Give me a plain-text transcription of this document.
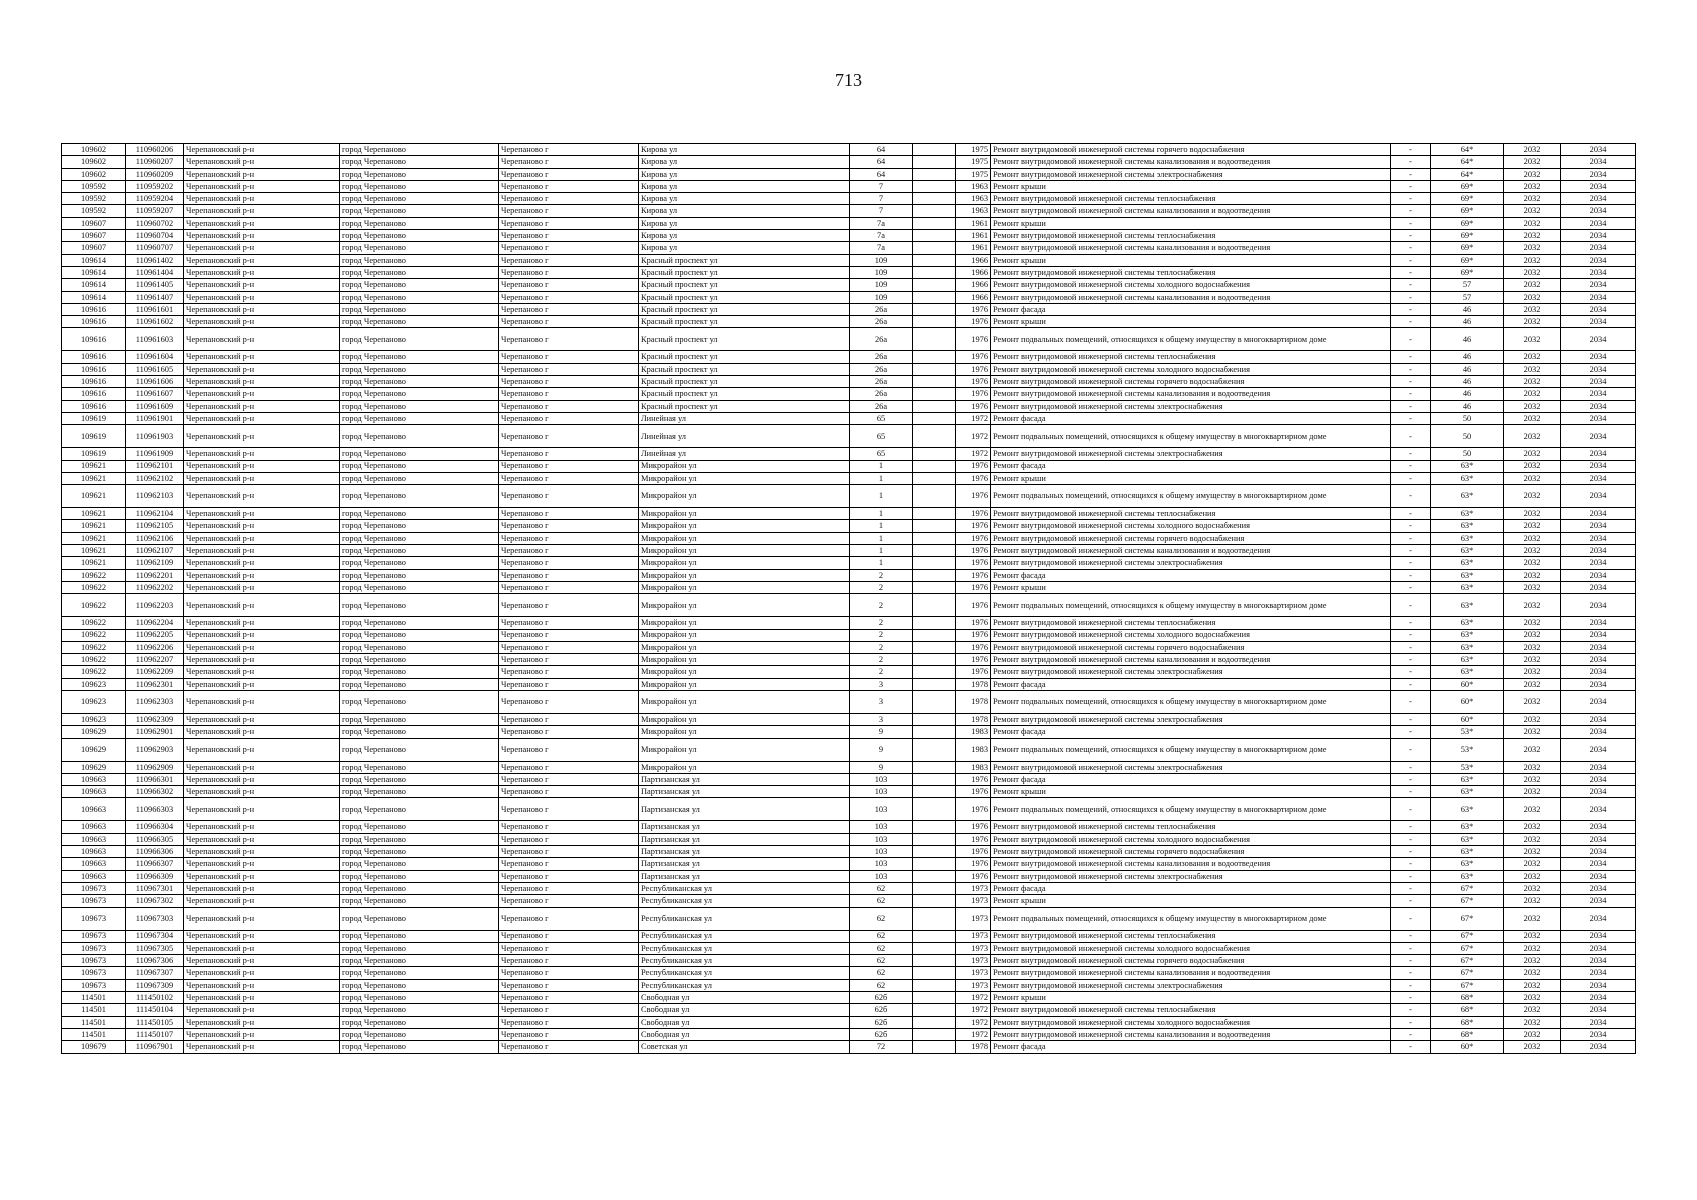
713
109602	110960206	Черепановский р-н	город Черепаново	Черепаново г	Кирова ул	64		1975	Ремонт внутридомовой инженерной системы горячего водоснабжения	-	64*	2032	2034
109602	110960207	Черепановский р-н	город Черепаново	Черепаново г	Кирова ул	64		1975	Ремонт внутридомовой инженерной системы канализования и водоотведения	-	64*	2032	2034
109602	110960209	Черепановский р-н	город Черепаново	Черепаново г	Кирова ул	64		1975	Ремонт внутридомовой инженерной системы электроснабжения	-	64*	2032	2034
109592	110959202	Черепановский р-н	город Черепаново	Черепаново г	Кирова ул	7		1963	Ремонт крыши	-	69*	2032	2034
109592	110959204	Черепановский р-н	город Черепаново	Черепаново г	Кирова ул	7		1963	Ремонт внутридомовой инженерной системы теплоснабжения	-	69*	2032	2034
109592	110959207	Черепановский р-н	город Черепаново	Черепаново г	Кирова ул	7		1963	Ремонт внутридомовой инженерной системы канализования и водоотведения	-	69*	2032	2034
109607	110960702	Черепановский р-н	город Черепаново	Черепаново г	Кирова ул	7а		1961	Ремонт крыши	-	69*	2032	2034
109607	110960704	Черепановский р-н	город Черепаново	Черепаново г	Кирова ул	7а		1961	Ремонт внутридомовой инженерной системы теплоснабжения	-	69*	2032	2034
109607	110960707	Черепановский р-н	город Черепаново	Черепаново г	Кирова ул	7а		1961	Ремонт внутридомовой инженерной системы канализования и водоотведения	-	69*	2032	2034
109614	110961402	Черепановский р-н	город Черепаново	Черепаново г	Красный проспект ул	109		1966	Ремонт крыши	-	69*	2032	2034
109614	110961404	Черепановский р-н	город Черепаново	Черепаново г	Красный проспект ул	109		1966	Ремонт внутридомовой инженерной системы теплоснабжения	-	69*	2032	2034
109614	110961405	Черепановский р-н	город Черепаново	Черепаново г	Красный проспект ул	109		1966	Ремонт внутридомовой инженерной системы холодного водоснабжения	-	57	2032	2034
109614	110961407	Черепановский р-н	город Черепаново	Черепаново г	Красный проспект ул	109		1966	Ремонт внутридомовой инженерной системы канализования и водоотведения	-	57	2032	2034
109616	110961601	Черепановский р-н	город Черепаново	Черепаново г	Красный проспект ул	26а		1976	Ремонт фасада	-	46	2032	2034
109616	110961602	Черепановский р-н	город Черепаново	Черепаново г	Красный проспект ул	26а		1976	Ремонт крыши	-	46	2032	2034
109616	110961603	Черепановский р-н	город Черепаново	Черепаново г	Красный проспект ул	26а		1976	Ремонт подвальных помещений, относящихся к общему имуществу в многоквартирном доме	-	46	2032	2034
109616	110961604	Черепановский р-н	город Черепаново	Черепаново г	Красный проспект ул	26а		1976	Ремонт внутридомовой инженерной системы теплоснабжения	-	46	2032	2034
109616	110961605	Черепановский р-н	город Черепаново	Черепаново г	Красный проспект ул	26а		1976	Ремонт внутридомовой инженерной системы холодного водоснабжения	-	46	2032	2034
109616	110961606	Черепановский р-н	город Черепаново	Черепаново г	Красный проспект ул	26а		1976	Ремонт внутридомовой инженерной системы горячего водоснабжения	-	46	2032	2034
109616	110961607	Черепановский р-н	город Черепаново	Черепаново г	Красный проспект ул	26а		1976	Ремонт внутридомовой инженерной системы канализования и водоотведения	-	46	2032	2034
109616	110961609	Черепановский р-н	город Черепаново	Черепаново г	Красный проспект ул	26а		1976	Ремонт внутридомовой инженерной системы электроснабжения	-	46	2032	2034
109619	110961901	Черепановский р-н	город Черепаново	Черепаново г	Линейная ул	65		1972	Ремонт фасада	-	50	2032	2034
109619	110961903	Черепановский р-н	город Черепаново	Черепаново г	Линейная ул	65		1972	Ремонт подвальных помещений, относящихся к общему имуществу в многоквартирном доме	-	50	2032	2034
109619	110961909	Черепановский р-н	город Черепаново	Черепаново г	Линейная ул	65		1972	Ремонт внутридомовой инженерной системы электроснабжения	-	50	2032	2034
109621	110962101	Черепановский р-н	город Черепаново	Черепаново г	Микрорайон ул	1		1976	Ремонт фасада	-	63*	2032	2034
109621	110962102	Черепановский р-н	город Черепаново	Черепаново г	Микрорайон ул	1		1976	Ремонт крыши	-	63*	2032	2034
109621	110962103	Черепановский р-н	город Черепаново	Черепаново г	Микрорайон ул	1		1976	Ремонт подвальных помещений, относящихся к общему имуществу в многоквартирном доме	-	63*	2032	2034
109621	110962104	Черепановский р-н	город Черепаново	Черепаново г	Микрорайон ул	1		1976	Ремонт внутридомовой инженерной системы теплоснабжения	-	63*	2032	2034
109621	110962105	Черепановский р-н	город Черепаново	Черепаново г	Микрорайон ул	1		1976	Ремонт внутридомовой инженерной системы холодного водоснабжения	-	63*	2032	2034
109621	110962106	Черепановский р-н	город Черепаново	Черепаново г	Микрорайон ул	1		1976	Ремонт внутридомовой инженерной системы горячего водоснабжения	-	63*	2032	2034
109621	110962107	Черепановский р-н	город Черепаново	Черепаново г	Микрорайон ул	1		1976	Ремонт внутридомовой инженерной системы канализования и водоотведения	-	63*	2032	2034
109621	110962109	Черепановский р-н	город Черепаново	Черепаново г	Микрорайон ул	1		1976	Ремонт внутридомовой инженерной системы электроснабжения	-	63*	2032	2034
109622	110962201	Черепановский р-н	город Черепаново	Черепаново г	Микрорайон ул	2		1976	Ремонт фасада	-	63*	2032	2034
109622	110962202	Черепановский р-н	город Черепаново	Черепаново г	Микрорайон ул	2		1976	Ремонт крыши	-	63*	2032	2034
109622	110962203	Черепановский р-н	город Черепаново	Черепаново г	Микрорайон ул	2		1976	Ремонт подвальных помещений, относящихся к общему имуществу в многоквартирном доме	-	63*	2032	2034
109622	110962204	Черепановский р-н	город Черепаново	Черепаново г	Микрорайон ул	2		1976	Ремонт внутридомовой инженерной системы теплоснабжения	-	63*	2032	2034
109622	110962205	Черепановский р-н	город Черепаново	Черепаново г	Микрорайон ул	2		1976	Ремонт внутридомовой инженерной системы холодного водоснабжения	-	63*	2032	2034
109622	110962206	Черепановский р-н	город Черепаново	Черепаново г	Микрорайон ул	2		1976	Ремонт внутридомовой инженерной системы горячего водоснабжения	-	63*	2032	2034
109622	110962207	Черепановский р-н	город Черепаново	Черепаново г	Микрорайон ул	2		1976	Ремонт внутридомовой инженерной системы канализования и водоотведения	-	63*	2032	2034
109622	110962209	Черепановский р-н	город Черепаново	Черепаново г	Микрорайон ул	2		1976	Ремонт внутридомовой инженерной системы электроснабжения	-	63*	2032	2034
109623	110962301	Черепановский р-н	город Черепаново	Черепаново г	Микрорайон ул	3		1978	Ремонт фасада	-	60*	2032	2034
109623	110962303	Черепановский р-н	город Черепаново	Черепаново г	Микрорайон ул	3		1978	Ремонт подвальных помещений, относящихся к общему имуществу в многоквартирном доме	-	60*	2032	2034
109623	110962309	Черепановский р-н	город Черепаново	Черепаново г	Микрорайон ул	3		1978	Ремонт внутридомовой инженерной системы электроснабжения	-	60*	2032	2034
109629	110962901	Черепановский р-н	город Черепаново	Черепаново г	Микрорайон ул	9		1983	Ремонт фасада	-	53*	2032	2034
109629	110962903	Черепановский р-н	город Черепаново	Черепаново г	Микрорайон ул	9		1983	Ремонт подвальных помещений, относящихся к общему имуществу в многоквартирном доме	-	53*	2032	2034
109629	110962909	Черепановский р-н	город Черепаново	Черепаново г	Микрорайон ул	9		1983	Ремонт внутридомовой инженерной системы электроснабжения	-	53*	2032	2034
109663	110966301	Черепановский р-н	город Черепаново	Черепаново г	Партизанская ул	103		1976	Ремонт фасада	-	63*	2032	2034
109663	110966302	Черепановский р-н	город Черепаново	Черепаново г	Партизанская ул	103		1976	Ремонт крыши	-	63*	2032	2034
109663	110966303	Черепановский р-н	город Черепаново	Черепаново г	Партизанская ул	103		1976	Ремонт подвальных помещений, относящихся к общему имуществу в многоквартирном доме	-	63*	2032	2034
109663	110966304	Черепановский р-н	город Черепаново	Черепаново г	Партизанская ул	103		1976	Ремонт внутридомовой инженерной системы теплоснабжения	-	63*	2032	2034
109663	110966305	Черепановский р-н	город Черепаново	Черепаново г	Партизанская ул	103		1976	Ремонт внутридомовой инженерной системы холодного водоснабжения	-	63*	2032	2034
109663	110966306	Черепановский р-н	город Черепаново	Черепаново г	Партизанская ул	103		1976	Ремонт внутридомовой инженерной системы горячего водоснабжения	-	63*	2032	2034
109663	110966307	Черепановский р-н	город Черепаново	Черепаново г	Партизанская ул	103		1976	Ремонт внутридомовой инженерной системы канализования и водоотведения	-	63*	2032	2034
109663	110966309	Черепановский р-н	город Черепаново	Черепаново г	Партизанская ул	103		1976	Ремонт внутридомовой инженерной системы электроснабжения	-	63*	2032	2034
109673	110967301	Черепановский р-н	город Черепаново	Черепаново г	Республиканская ул	62		1973	Ремонт фасада	-	67*	2032	2034
109673	110967302	Черепановский р-н	город Черепаново	Черепаново г	Республиканская ул	62		1973	Ремонт крыши	-	67*	2032	2034
109673	110967303	Черепановский р-н	город Черепаново	Черепаново г	Республиканская ул	62		1973	Ремонт подвальных помещений, относящихся к общему имуществу в многоквартирном доме	-	67*	2032	2034
109673	110967304	Черепановский р-н	город Черепаново	Черепаново г	Республиканская ул	62		1973	Ремонт внутридомовой инженерной системы теплоснабжения	-	67*	2032	2034
109673	110967305	Черепановский р-н	город Черепаново	Черепаново г	Республиканская ул	62		1973	Ремонт внутридомовой инженерной системы холодного водоснабжения	-	67*	2032	2034
109673	110967306	Черепановский р-н	город Черепаново	Черепаново г	Республиканская ул	62		1973	Ремонт внутридомовой инженерной системы горячего водоснабжения	-	67*	2032	2034
109673	110967307	Черепановский р-н	город Черепаново	Черепаново г	Республиканская ул	62		1973	Ремонт внутридомовой инженерной системы канализования и водоотведения	-	67*	2032	2034
109673	110967309	Черепановский р-н	город Черепаново	Черепаново г	Республиканская ул	62		1973	Ремонт внутридомовой инженерной системы электроснабжения	-	67*	2032	2034
114501	111450102	Черепановский р-н	город Черепаново	Черепаново г	Свободная ул	62б		1972	Ремонт крыши	-	68*	2032	2034
114501	111450104	Черепановский р-н	город Черепаново	Черепаново г	Свободная ул	62б		1972	Ремонт внутридомовой инженерной системы теплоснабжения	-	68*	2032	2034
114501	111450105	Черепановский р-н	город Черепаново	Черепаново г	Свободная ул	62б		1972	Ремонт внутридомовой инженерной системы холодного водоснабжения	-	68*	2032	2034
114501	111450107	Черепановский р-н	город Черепаново	Черепаново г	Свободная ул	62б		1972	Ремонт внутридомовой инженерной системы канализования и водоотведения	-	68*	2032	2034
109679	110967901	Черепановский р-н	город Черепаново	Черепаново г	Советская ул	72		1978	Ремонт фасада	-	60*	2032	2034
